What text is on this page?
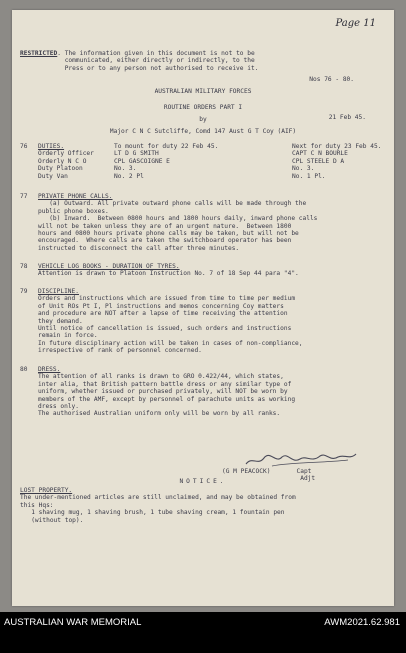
Page 11
RESTRICTED. The information given in this document is not to be
communicated, either directly or indirectly, to the
Press or to any person not authorised to receive it.
Nos 76 - 80.
AUSTRALIAN MILITARY FORCES
ROUTINE ORDERS PART I
by	21 Feb 45.
Major C N C Sutcliffe, Comd 147 Aust G T Coy (AIF)
76	DUTIES.	To mount for duty 22 Feb 45.	Next for duty 23 Feb 45.
	Orderly Officer	LT D G SMITH	CAPT C N BOURLE
	Orderly N C O	CPL GASCOIGNE E	CPL STEELE D A
	Duty Platoon	No. 3.	No. 3.
	Duty Van	No. 2 Pl	No. 1 Pl.
77 PRIVATE PHONE CALLS.
(a) Outward. All private outward phone calls will be made through the
public phone boxes.
(b) Inward.  Between 0800 hours and 1800 hours daily, inward phone calls
will not be taken unless they are of an urgent nature.  Between 1800
hours and 0800 hours private phone calls may be taken, but will not be
encouraged.  Where calls are taken the switchboard operator has been
instructed to disconnect the call after three minutes.
78 VEHICLE LOG BOOKS - DURATION OF TYRES.
Attention is drawn to Platoon Instruction No. 7 of 18 Sep 44 para "4".
79 DISCIPLINE.
Orders and instructions which are issued from time to time per medium
of Unit ROs Pt I, Pl instructions and memos concerning Coy matters
and procedure are NOT after a lapse of time receiving the attention
they demand.
Until notice of cancellation is issued, such orders and instructions
remain in force.
In future disciplinary action will be taken in cases of non-compliance,
irrespective of rank of personnel concerned.
80 DRESS.
The attention of all ranks is drawn to GRO 0.422/44, which states,
inter alia, that British pattern battle dress or any similar type of
uniform, whether issued or purchased privately, will NOT be worn by
members of the AMF, except by personnel of parachute units as working
dress only.
The authorised Australian uniform only will be worn by all ranks.
(G M PEACOCK)       Capt
Adjt
NOTICE.
LOST PROPERTY.
The under-mentioned articles are still unclaimed, and may be obtained from
this Hqs:
1 shaving mug, 1 shaving brush, 1 tube shaving cream, 1 fountain pen
(without top).
AUSTRALIAN WAR MEMORIAL	AWM2021.62.981
